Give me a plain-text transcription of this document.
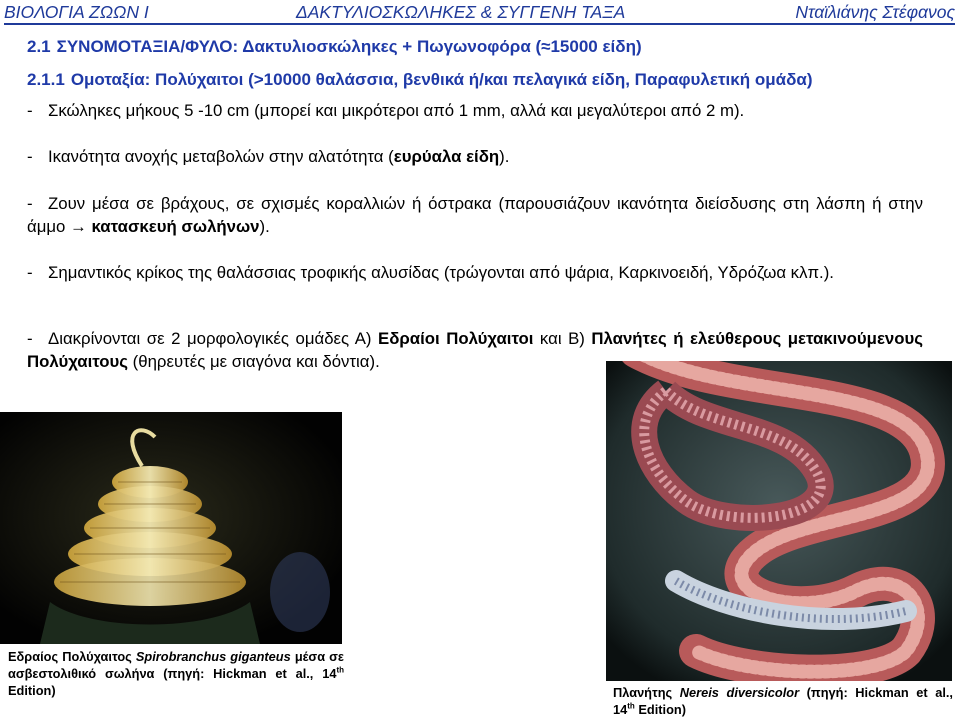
ΒΙΟΛΟΓΙΑ ΖΩΩΝ Ι	ΔΑΚΤΥΛΙΟΣΚΩΛΗΚΕΣ & ΣΥΓΓΕΝΗ ΤΑΞΑ	Νταϊλιάνης Στέφανος
2.1 ΣΥΝΟΜΟΤΑΞΙΑ/ΦΥΛΟ: Δακτυλιοσκώληκες + Πωγωνοφόρα (≈15000 είδη)
2.1.1 Ομοταξία: Πολύχαιτοι (>10000 θαλάσσια, βενθικά ή/και πελαγικά είδη, Παραφυλετική ομάδα)
- Σκώληκες μήκους 5 -10 cm (μπορεί και μικρότεροι από 1 mm, αλλά και μεγαλύτεροι από 2 m).
- Ικανότητα ανοχής μεταβολών στην αλατότητα (ευρύαλα είδη).
- Ζουν μέσα σε βράχους, σε σχισμές κοραλλιών ή όστρακα (παρουσιάζουν ικανότητα διείσδυσης στη λάσπη ή στην άμμο → κατασκευή σωλήνων).
- Σημαντικός κρίκος της θαλάσσιας τροφικής αλυσίδας (τρώγονται από ψάρια, Καρκινοειδή, Υδρόζωα κλπ.).
- Διακρίνονται σε 2 μορφολογικές ομάδες Α) Εδραίοι Πολύχαιτοι και Β) Πλανήτες ή ελεύθερους μετακινούμενους Πολύχαιτους (θηρευτές με σιαγόνα και δόντια).
Εδραίος Πολύχαιτος Spirobranchus giganteus μέσα σε ασβεστολιθικό σωλήνα (πηγή: Hickman et al., 14th Edition)	Πλανήτης Nereis diversicolor (πηγή: Hickman et al., 14th Edition)
